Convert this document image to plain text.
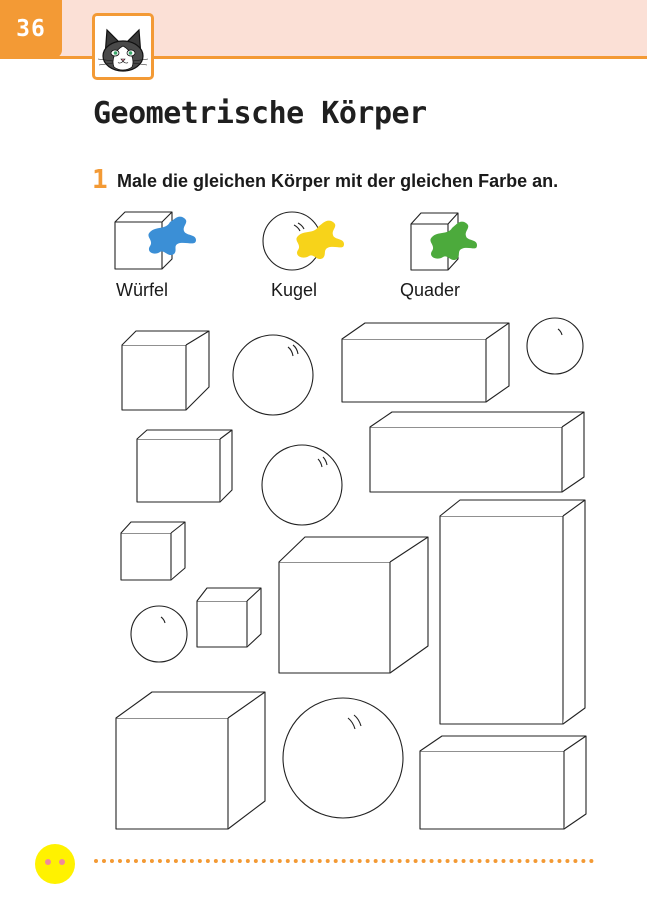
36
Geometrische Körper
1 Male die gleichen Körper mit der gleichen Farbe an.
Würfel	Kugel	Quader
